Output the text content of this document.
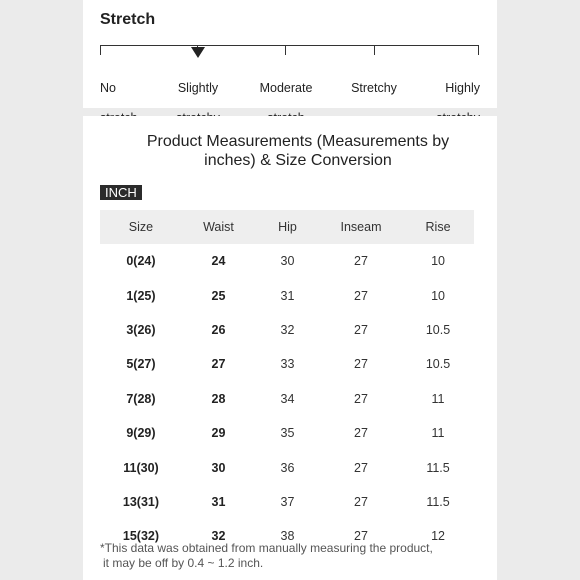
Stretch

No	Slightly	Moderate	Stretchy	Highly

Product Measurements (Measurements by
inches) & Size Conversion
INCH
Size	Waist	Hip	Inseam	Rise
0(24)	24	30	27	10
1(25)	25	31	27	10
3(26)	26	32	27	10.5
5(27)	27	33	27	10.5
7(28)	28	34	27	11
9(29)	29	35	27	11
11(30)	30	36	27	11.5
13(31)	31	37	27	11.5
15(32)	32	38	27	12
*This data was obtained from manually measuring the product,
it may be off by 0.4 ~ 1.2 inch.
